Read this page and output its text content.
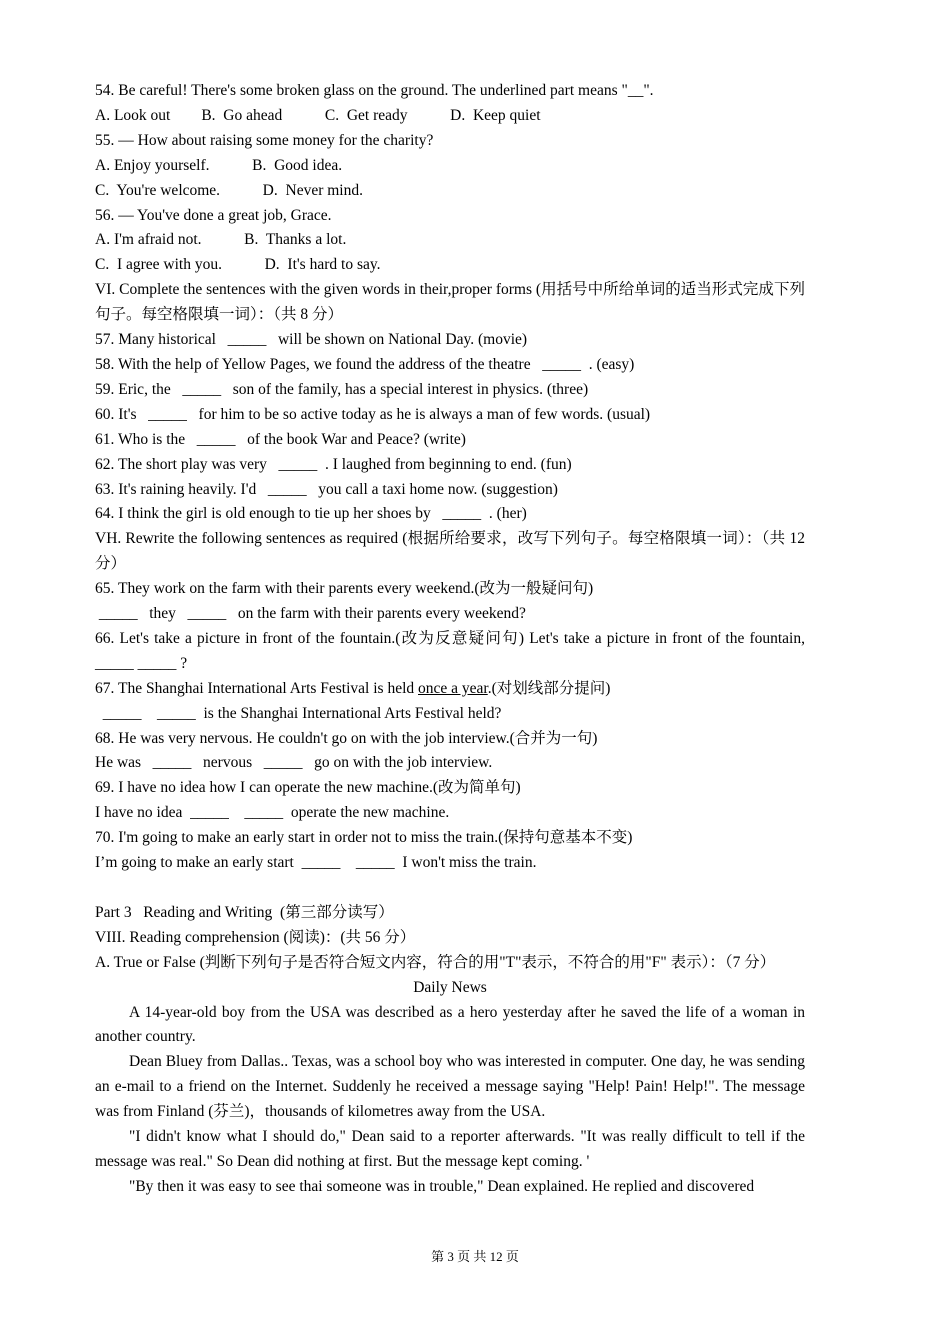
54. Be careful! There's some broken glass on the ground. The underlined part means "__".
A. Look out        B.  Go ahead           C.  Get ready           D.  Keep quiet
55. — How about raising some money for the charity?
A. Enjoy yourself.           B.  Good idea.
C.  You're welcome.           D.  Never mind.
56. — You've done a great job, Grace.
A. I'm afraid not.           B.  Thanks a lot.
C.  I agree with you.           D.  It's hard to say.
VI. Complete the sentences with the given words in their,proper forms (用括号中所给单词的适当形式完成下列句子。每空格限填一词）：（共 8 分）
57. Many historical   _____   will be shown on National Day. (movie)
58. With the help of Yellow Pages, we found the address of the theatre   _____  . (easy)
59. Eric, the   _____   son of the family, has a special interest in physics. (three)
60. It's   _____   for him to be so active today as he is always a man of few words. (usual)
61. Who is the   _____   of the book War and Peace? (write)
62. The short play was very   _____  . I laughed from beginning to end. (fun)
63. It's raining heavily. I'd   _____   you call a taxi home now. (suggestion)
64. I think the girl is old enough to tie up her shoes by   _____  . (her)
VH. Rewrite the following sentences as required (根据所给要求，改写下列句子。每空格限填一词）：（共 12 分）
65. They work on the farm with their parents every weekend.(改为一般疑问句)
_____   they   _____   on the farm with their parents every weekend?
66. Let's take a picture in front of the fountain.(改为反意疑问句) Let's take a picture in front of the fountain, _____ _____ ?
67. The Shanghai International Arts Festival is held once a year.(对划线部分提问)
_____    _____  is the Shanghai International Arts Festival held?
68. He was very nervous. He couldn't go on with the job interview.(合并为一句)
He was   _____   nervous   _____   go on with the job interview.
69. I have no idea how I can operate the new machine.(改为简单句)
I have no idea  _____    _____  operate the new machine.
70. I'm going to make an early start in order not to miss the train.(保持句意基本不变)
I’m going to make an early start  _____    _____  I won't miss the train.
Part 3   Reading and Writing  (第三部分读写）
VIII. Reading comprehension (阅读)：(共 56 分）
A. True or False (判断下列句子是否符合短文内容，符合的用"T"表示，不符合的用"F" 表示）：（7 分）
Daily News
A 14-year-old boy from the USA was described as a hero yesterday after he saved the life of a woman in another country.
Dean Bluey from Dallas.. Texas, was a school boy who was interested in computer. One day, he was sending an e-mail to a friend on the Internet. Suddenly he received a message saying "Help! Pain! Help!". The message was from Finland (芬兰)，thousands of kilometres away from the USA.
"I didn't know what I should do," Dean said to a reporter afterwards. "It was really difficult to tell if the message was real." So Dean did nothing at first. But the message kept coming. '
"By then it was easy to see thai someone was in trouble," Dean explained. He replied and discovered
第 3 页 共 12 页
